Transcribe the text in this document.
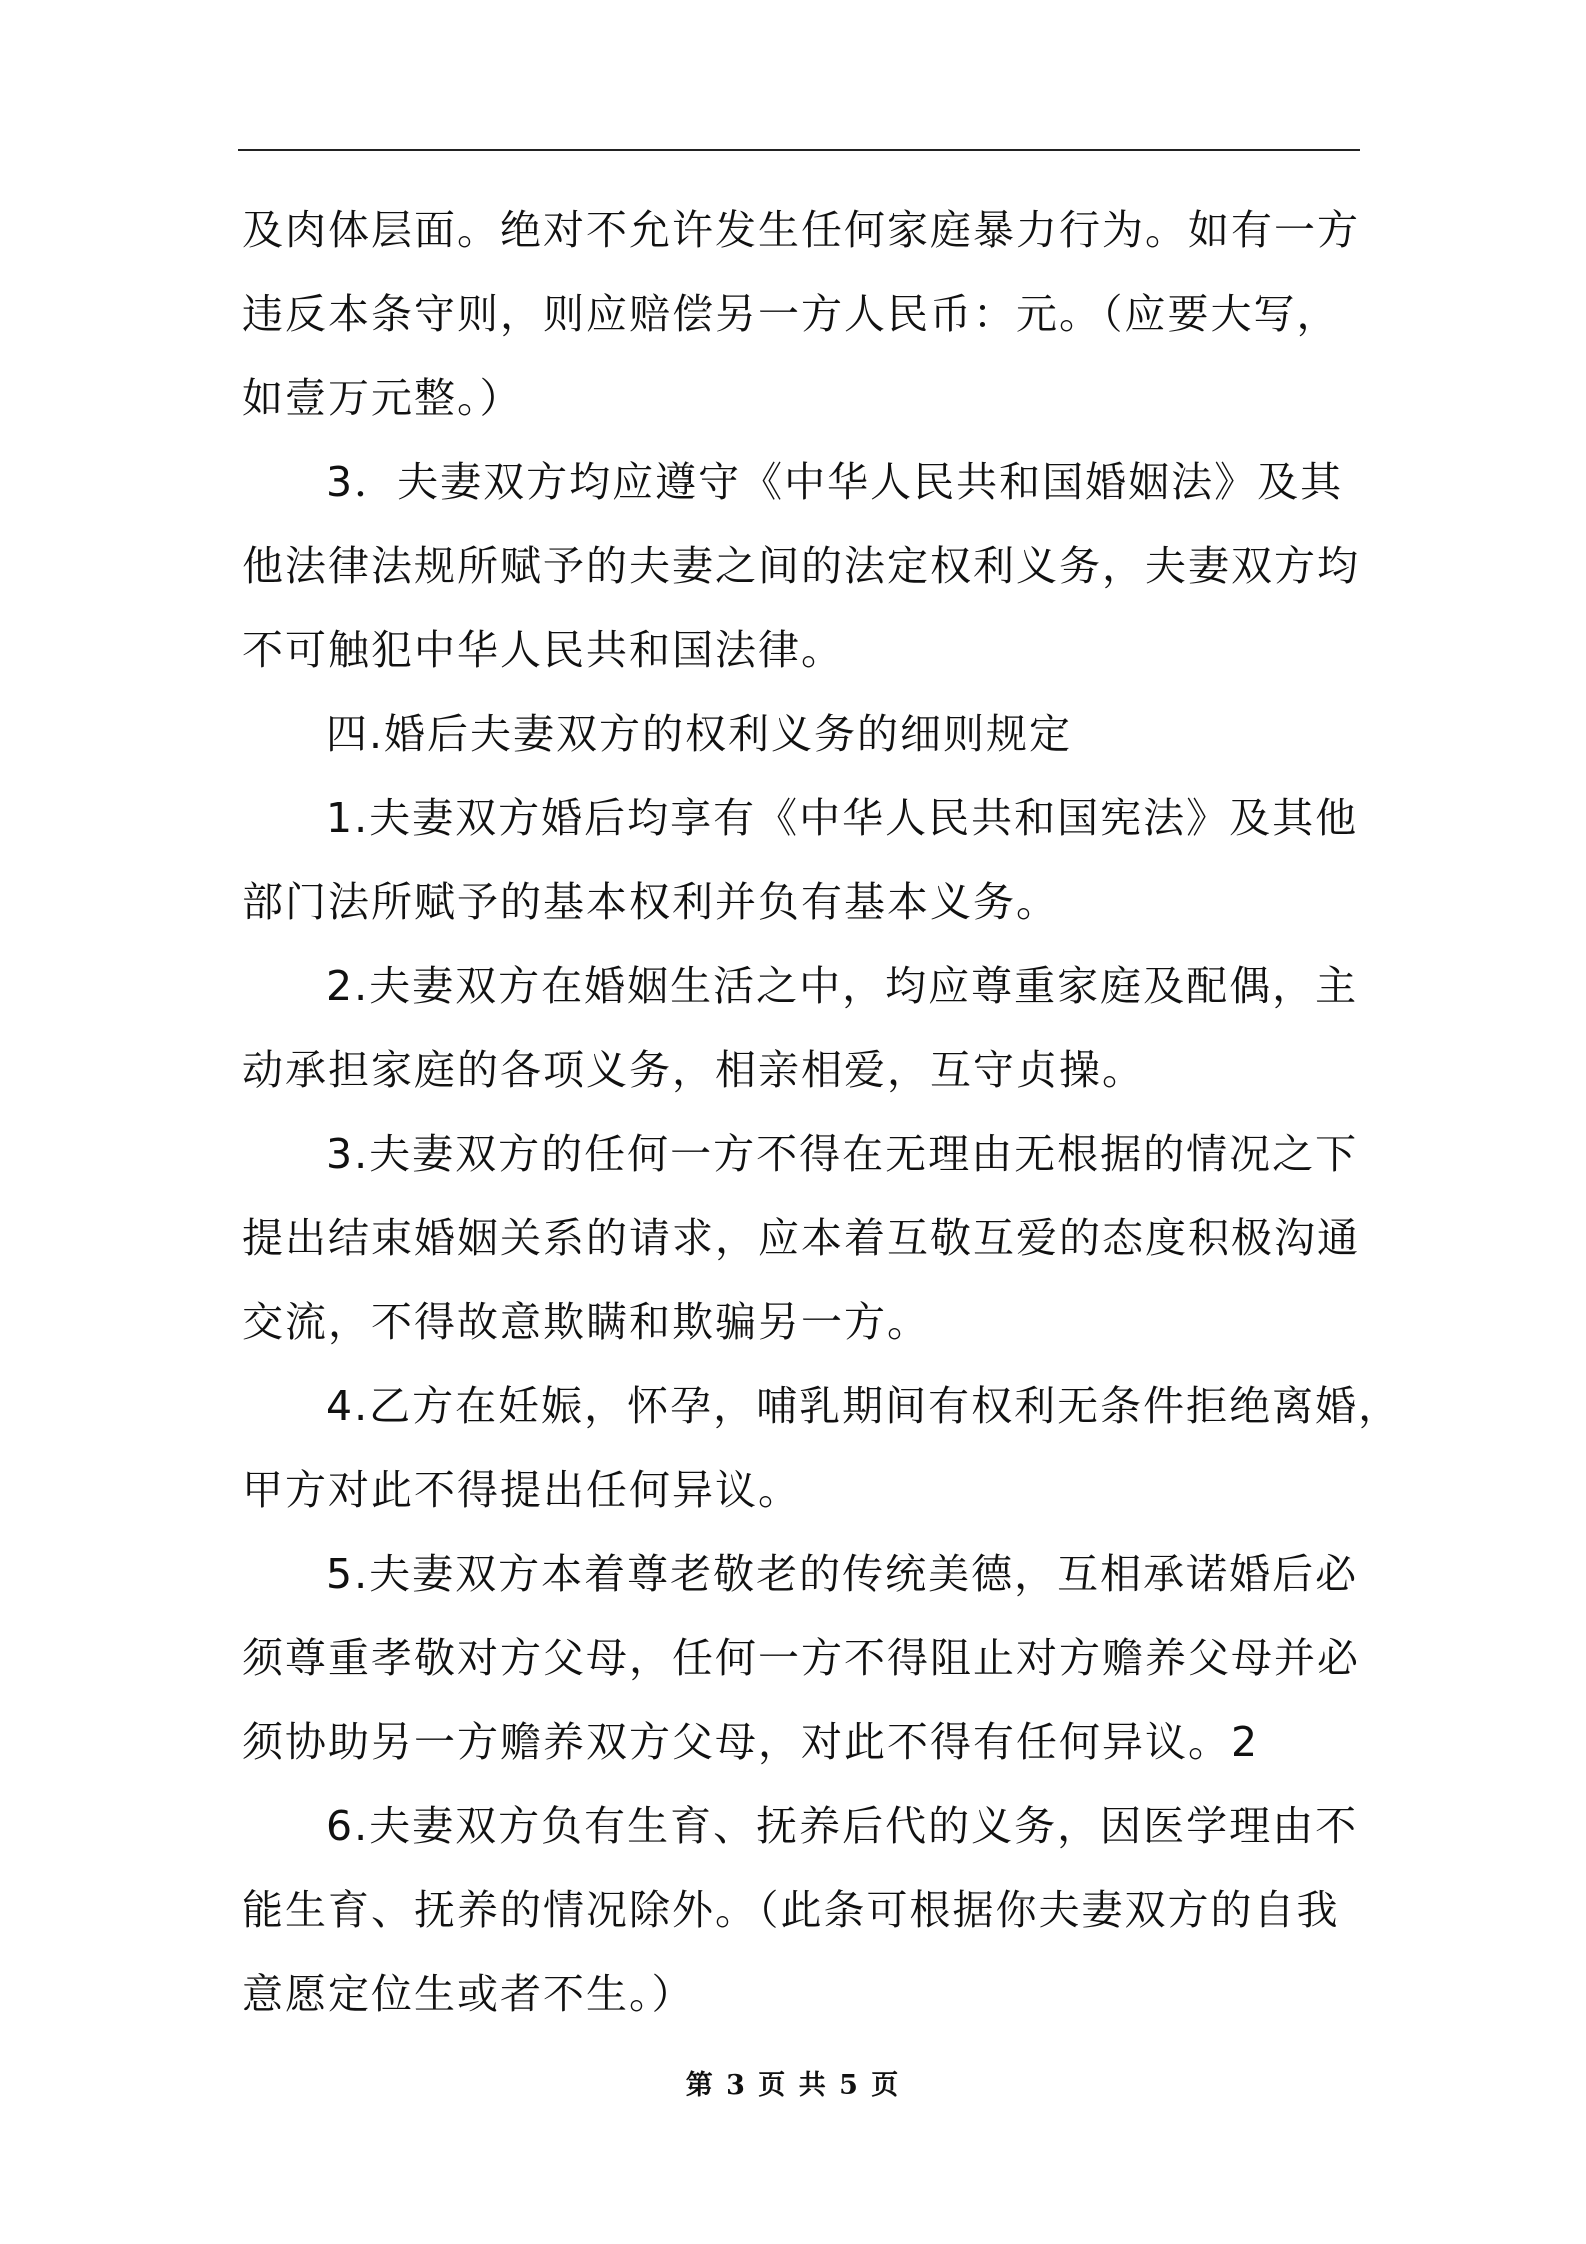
及肉体层面。绝对不允许发生任何家庭暴力行为。如有一方
违反本条守则，则应赔偿另一方人民币：元。（应要大写，
如壹万元整。）
3．夫妻双方均应遵守《中华人民共和国婚姻法》及其
他法律法规所赋予的夫妻之间的法定权利义务，夫妻双方均
不可触犯中华人民共和国法律。
四.婚后夫妻双方的权利义务的细则规定
1.夫妻双方婚后均享有《中华人民共和国宪法》及其他
部门法所赋予的基本权利并负有基本义务。
2.夫妻双方在婚姻生活之中，均应尊重家庭及配偶，主
动承担家庭的各项义务，相亲相爱，互守贞操。
3.夫妻双方的任何一方不得在无理由无根据的情况之下
提出结束婚姻关系的请求，应本着互敬互爱的态度积极沟通
交流，不得故意欺瞒和欺骗另一方。
4.乙方在妊娠，怀孕，哺乳期间有权利无条件拒绝离婚，
甲方对此不得提出任何异议。
5.夫妻双方本着尊老敬老的传统美德，互相承诺婚后必
须尊重孝敬对方父母，任何一方不得阻止对方赡养父母并必
须协助另一方赡养双方父母，对此不得有任何异议。2
6.夫妻双方负有生育、抚养后代的义务，因医学理由不
能生育、抚养的情况除外。（此条可根据你夫妻双方的自我
意愿定位生或者不生。）
第 3 页 共 5 页
